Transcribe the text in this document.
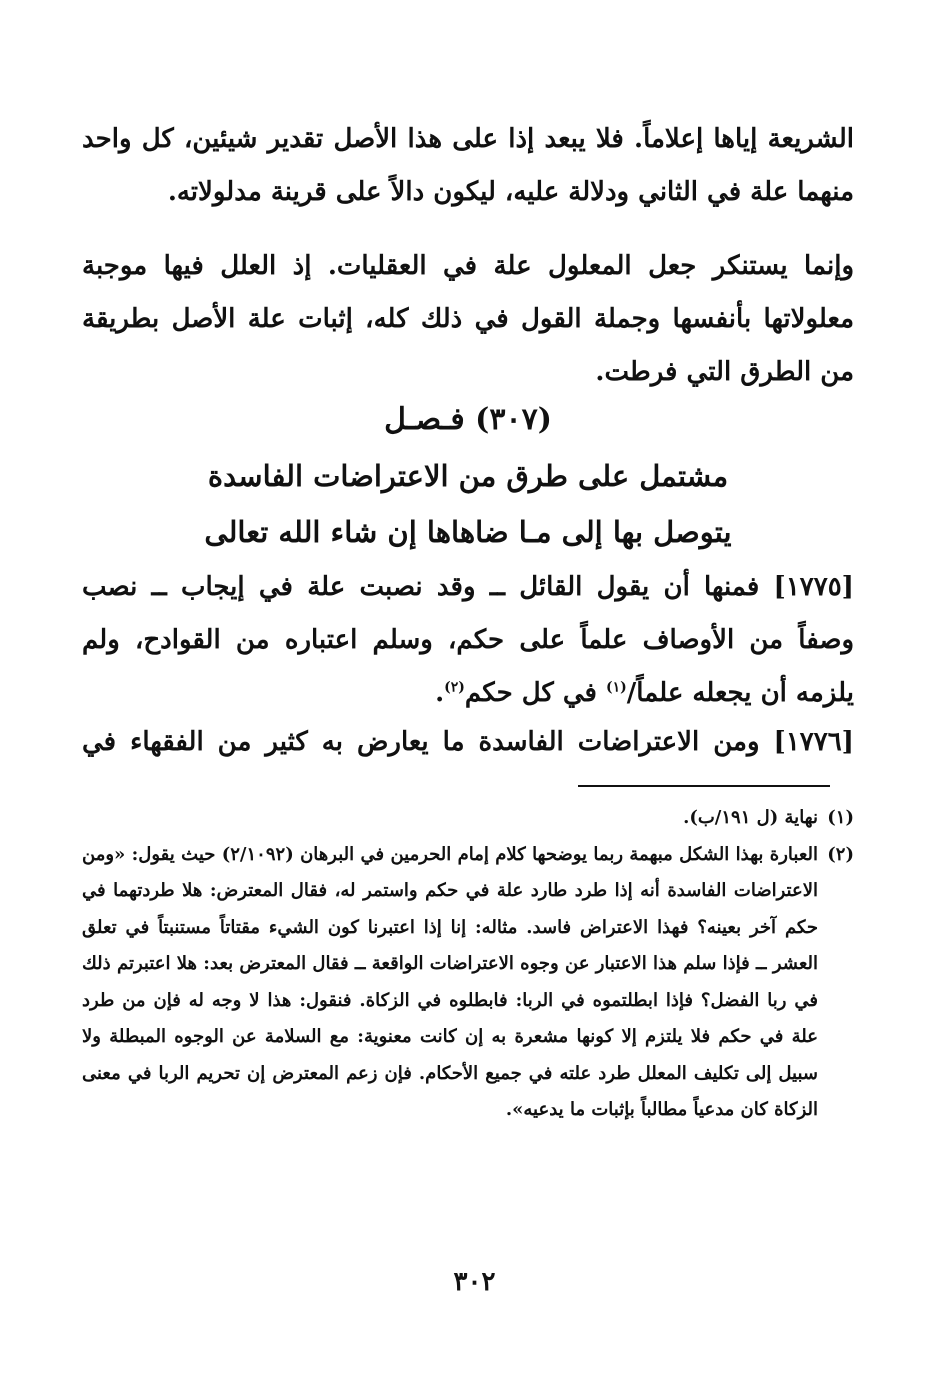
الشريعة إياها إعلاماً. فلا يبعد إذا على هذا الأصل تقدير شيئين، كل واحد منهما علة في الثاني ودلالة عليه، ليكون دالاً على قرينة مدلولاته.

وإنما يستنكر جعل المعلول علة في العقليات. إذ العلل فيها موجبة معلولاتها بأنفسها وجملة القول في ذلك كله، إثبات علة الأصل بطريقة من الطرق التي فرطت.

(٣٠٧) فـصـل
مشتمل على طرق من الاعتراضات الفاسدة
يتوصل بها إلى مـا ضاهاها إن شاء الله تعالى

[١٧٧٥] فمنها أن يقول القائل ــ وقد نصبت علة في إيجاب ــ نصب وصفاً من الأوصاف علماً على حكم، وسلم اعتباره من القوادح، ولم يلزمه أن يجعله علماً/$^{(١)}$ في كل حكم$^{(٢)}$.

[١٧٧٦] ومن الاعتراضات الفاسدة ما يعارض به كثير من الفقهاء في

(١)
نهاية (ل ١٩١/ب).
(٢)
العبارة بهذا الشكل مبهمة ربما يوضحها كلام إمام الحرمين في البرهان (٢/١٠٩٢) حيث يقول: «ومن الاعتراضات الفاسدة أنه إذا طرد طارد علة في حكم واستمر له، فقال المعترض: هلا طردتهما في حكم آخر بعينه؟ فهذا الاعتراض فاسد. مثاله: إنا إذا اعتبرنا كون الشيء مقتاتاً مستنبتاً في تعلق العشر ــ فإذا سلم هذا الاعتبار عن وجوه الاعتراضات الواقعة ــ فقال المعترض بعد: هلا اعتبرتم ذلك في ربا الفضل؟ فإذا ابطلتموه في الربا: فابطلوه في الزكاة. فنقول: هذا لا وجه له فإن من طرد علة في حكم فلا يلتزم إلا كونها مشعرة به إن كانت معنوية: مع السلامة عن الوجوه المبطلة ولا سبيل إلى تكليف المعلل طرد علته في جميع الأحكام. فإن زعم المعترض إن تحريم الربا في معنى الزكاة كان مدعياً مطالباً بإثبات ما يدعيه».
٣٠٢
